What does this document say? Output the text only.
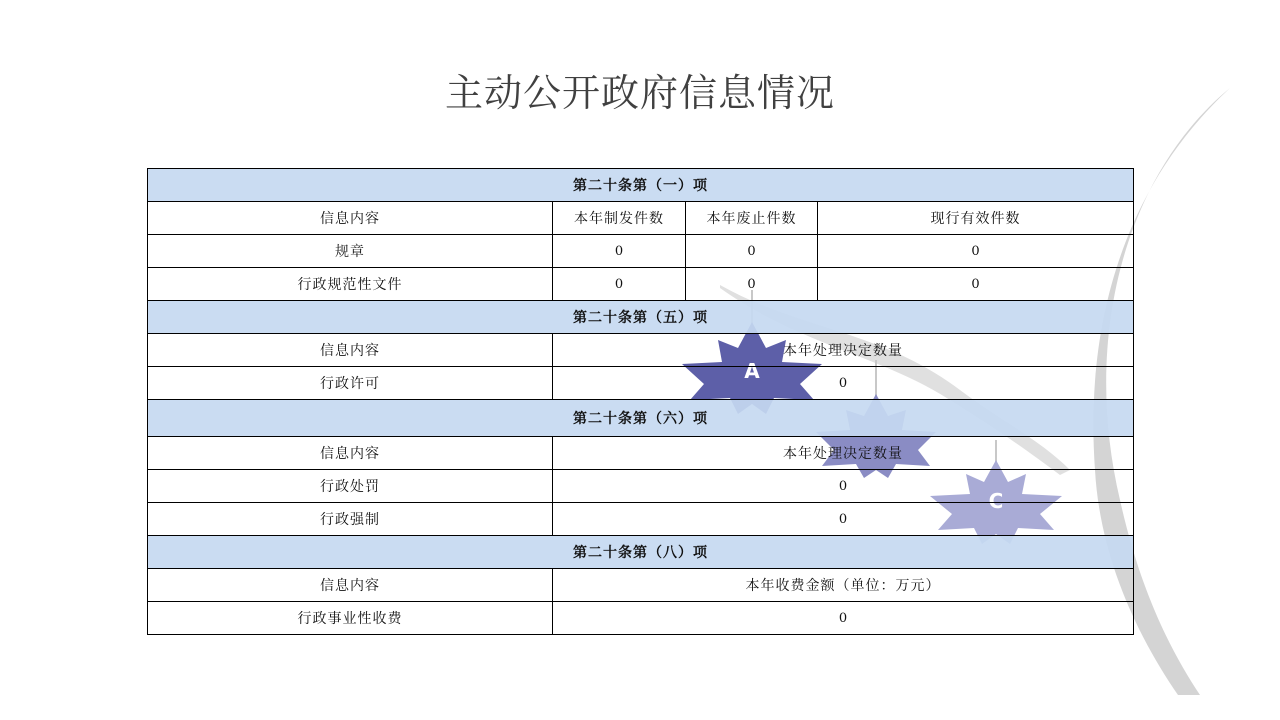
A
C
主动公开政府信息情况
第二十条第（一）项			
信息内容	本年制发件数	本年废止件数	现行有效件数
规章	0	0	0
行政规范性文件	0	0	0
第二十条第（五）项			
信息内容	本年处理决定数量		
行政许可	0		
第二十条第（六）项			
信息内容	本年处理决定数量		
行政处罚	0		
行政强制	0		
第二十条第（八）项			
信息内容	本年收费金额（单位：万元）		
行政事业性收费	0		
